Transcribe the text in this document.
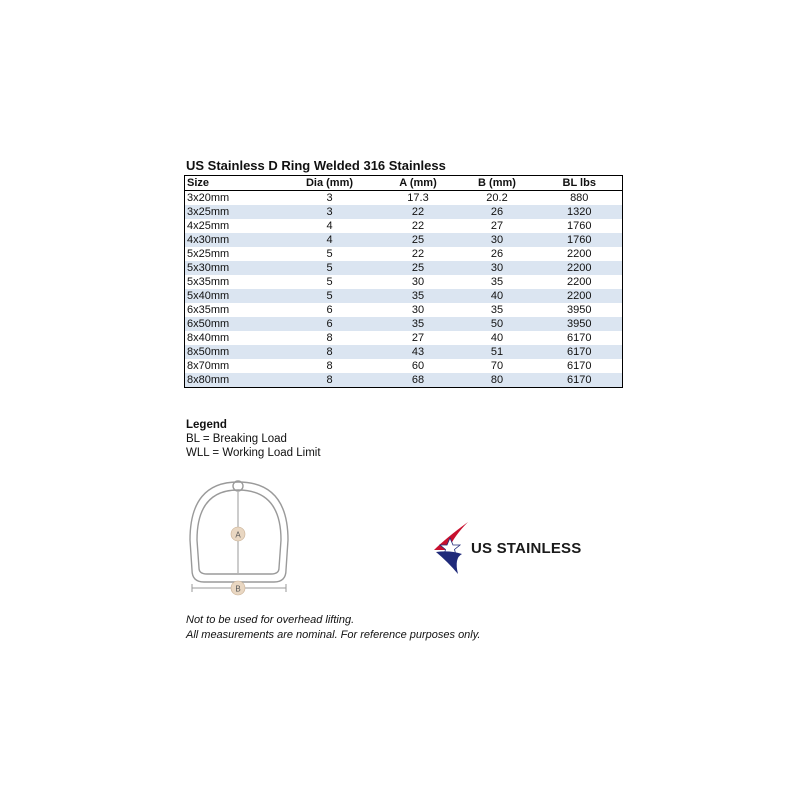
US Stainless D Ring Welded 316 Stainless
Size	Dia (mm)	A (mm)	B (mm)	BL lbs
3x20mm	3	17.3	20.2	880
3x25mm	3	22	26	1320
4x25mm	4	22	27	1760
4x30mm	4	25	30	1760
5x25mm	5	22	26	2200
5x30mm	5	25	30	2200
5x35mm	5	30	35	2200
5x40mm	5	35	40	2200
6x35mm	6	30	35	3950
6x50mm	6	35	50	3950
8x40mm	8	27	40	6170
8x50mm	8	43	51	6170
8x70mm	8	60	70	6170
8x80mm	8	68	80	6170
Legend
BL = Breaking Load
WLL = Working Load Limit
A
B
US STAINLESS
Not to be used for overhead lifting.
All measurements are nominal. For reference purposes only.
